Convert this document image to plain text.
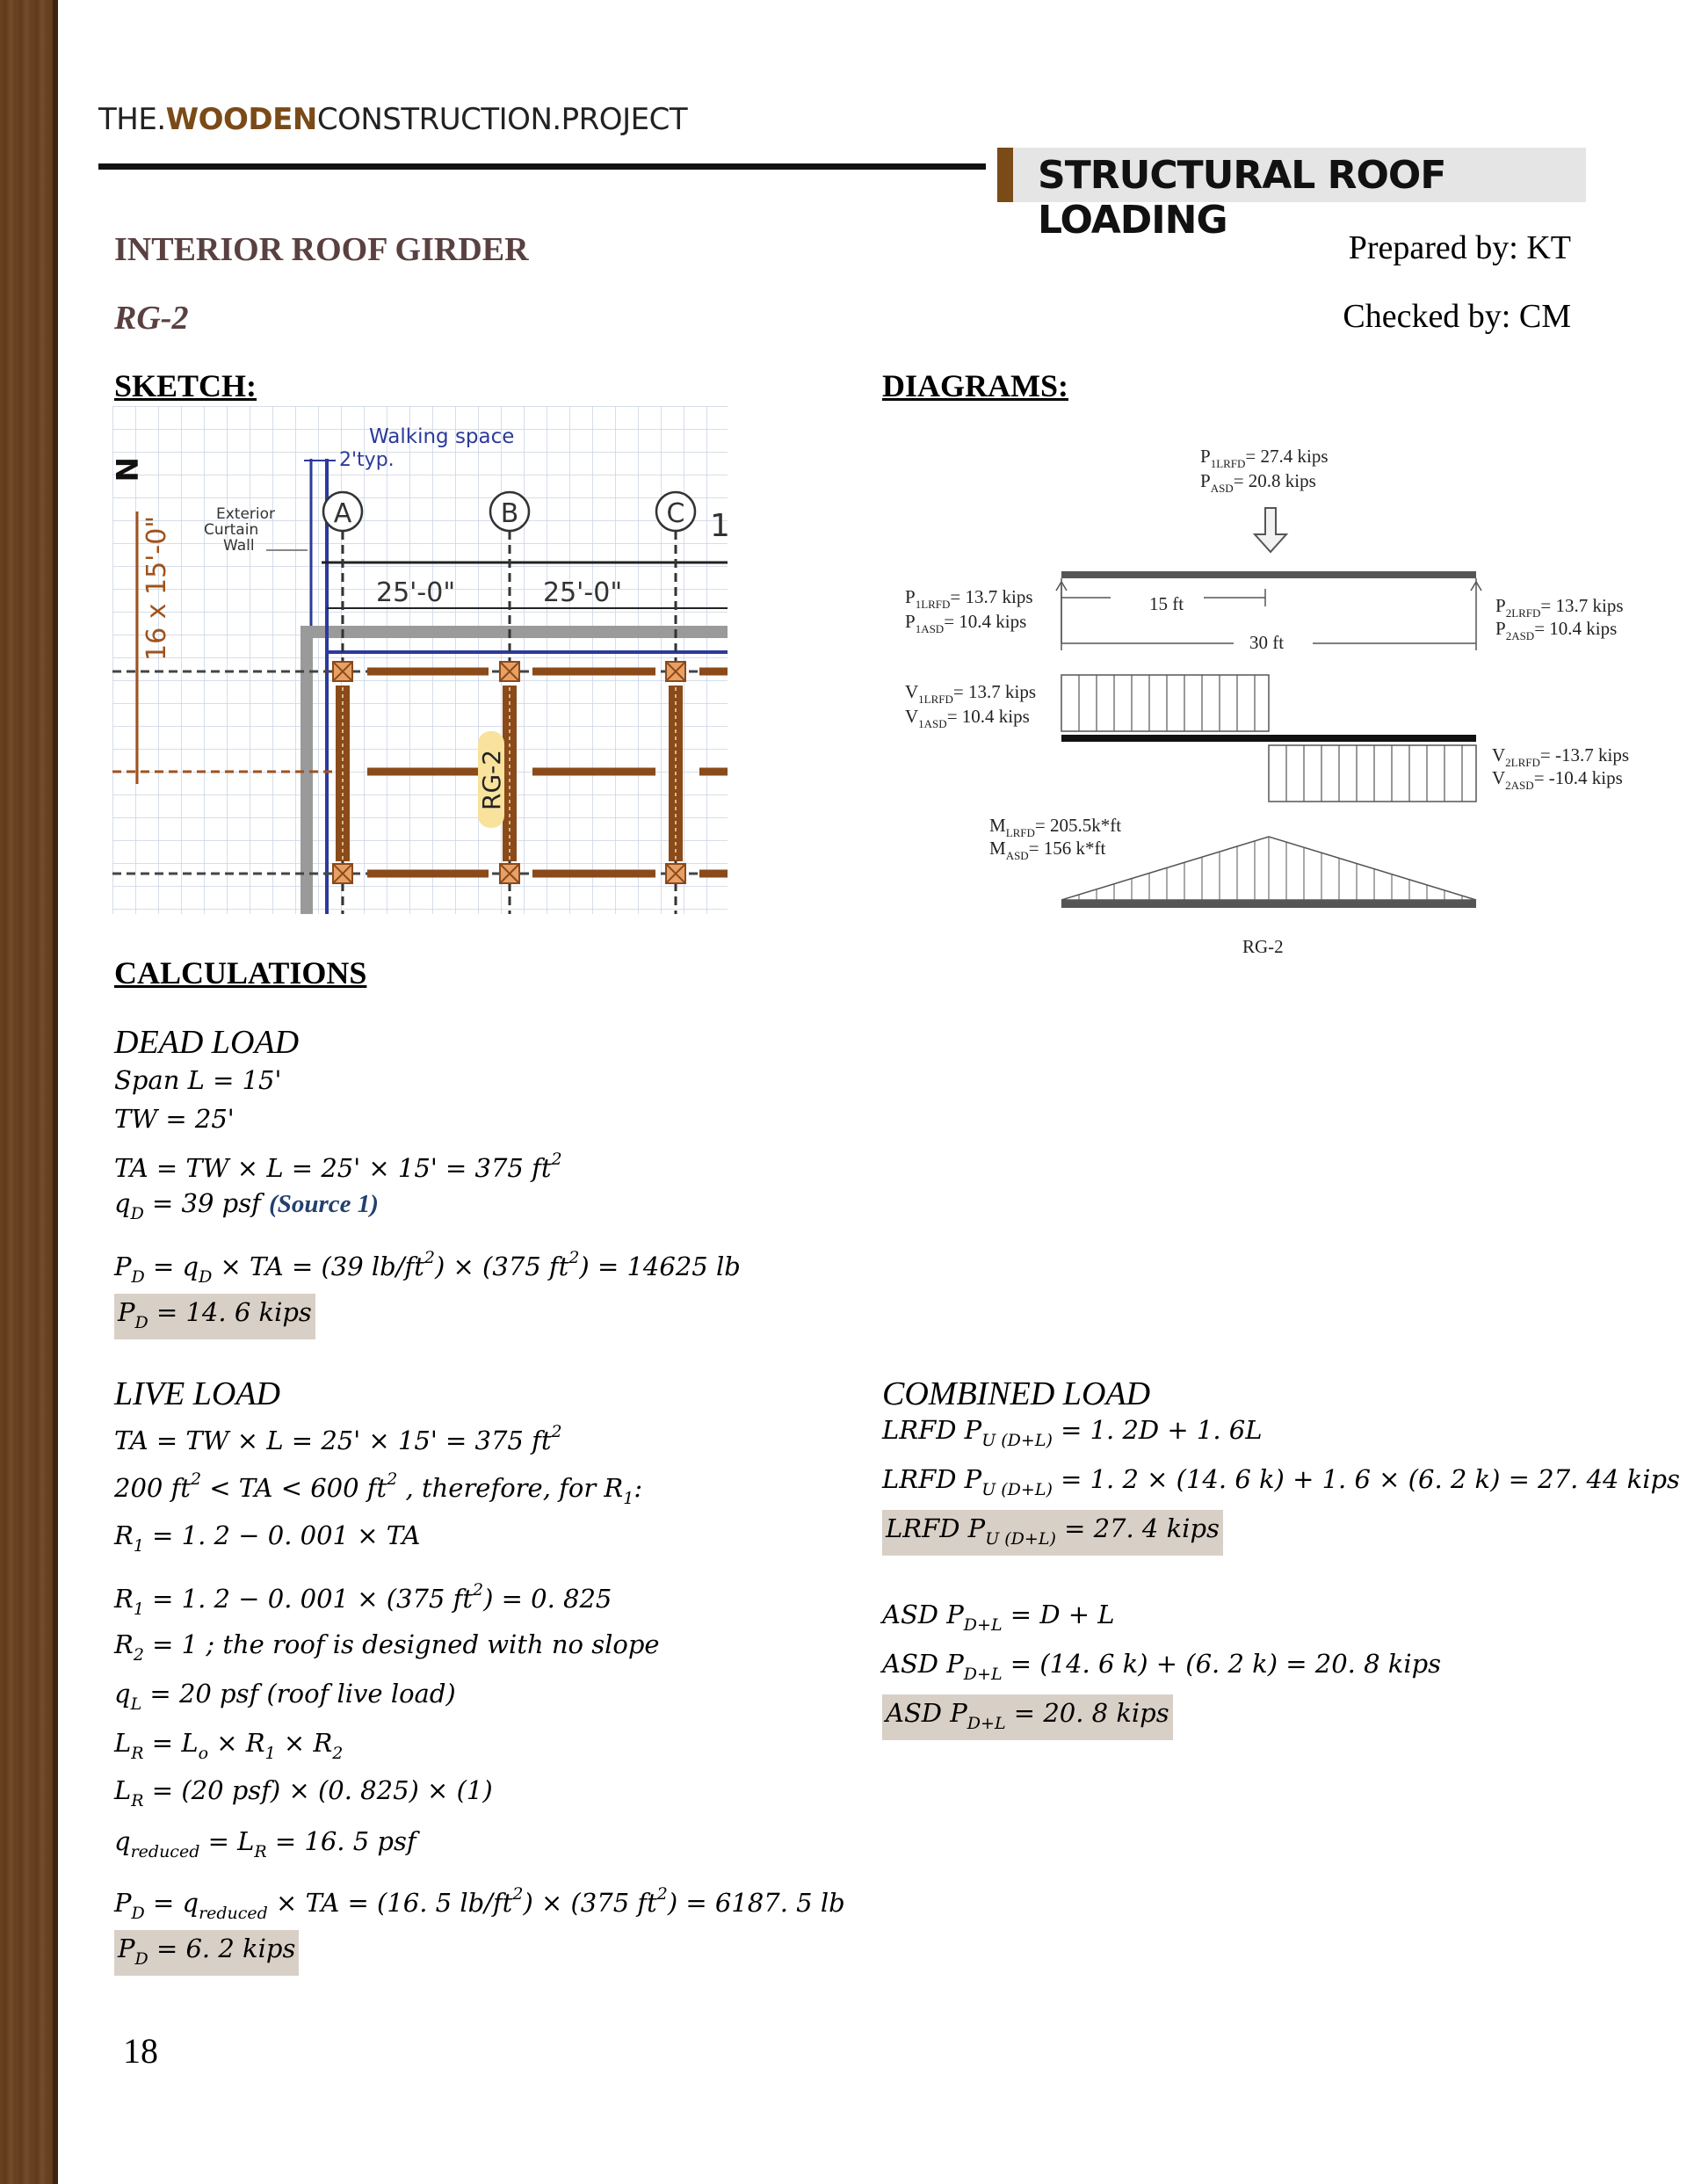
THE.WOODENCONSTRUCTION.PROJECT
STRUCTURAL ROOF LOADING
INTERIOR ROOF GIRDER
RG-2
Prepared by: KT
Checked by: CM
SKETCH:	DIAGRAMS:
A	B	C 1
Walking space
2'typ.
Exterior
Curtain
Wall
25'-0"	25'-0"
N
16 x 15'-0"
RG-2
$P_{1LRFD}= 27.4$ kips
$P_{ASD}= 20.8$ kips
15 ft
30 ft
$P_{1LRFD}= 13.7$ kips
$P_{1ASD}= 10.4$ kips
$P_{2LRFD}= 13.7$ kips
$P_{2ASD}= 10.4$ kips
$V_{1LRFD}= 13.7$ kips
$V_{1ASD}= 10.4$ kips
$V_{2LRFD}= -13.7$ kips
$V_{2ASD}= -10.4$ kips
$M_{LRFD}= 205.5k*ft$
$M_{ASD}= 156$ k*ft
RG-2
CALCULATIONS
DEAD LOAD
Span L = 15'
TW = 25'
TA = TW × L = 25' × 15' = 375 $ft^2$
$q_D = 39$ psf (Source 1)
$P_D = q_D$ × TA = (39 $lb/ft^2) \times (375$ $ft^2) = 14625$ lb
$P_D = 14$. 6 kips
LIVE LOAD
TA = TW × L = 25' × 15' = 375 $ft^2$
200 $ft^2$ < TA < 600 $ft^2$ , therefore, for $R_1$:
$R_1 = 1$. 2 − 0. 001 × TA
$R_1 = 1$. 2 − 0. 001 × (375 $ft^2) = 0$. 825
$R_2 = 1$ ; the roof is designed with no slope
$q_L = 20$ psf (roof live load)
$L_R = L_o \times R_1 \times R_2$
$L_R = (20$ psf) × (0. 825) × (1)
$q_{reduced} = L_R = 16$. 5 psf
$P_D = q_{reduced}$ × TA = (16. 5 $lb/ft^2) \times (375$ $ft^2) = 6187$. 5 lb
$P_D = 6$. 2 kips
COMBINED LOAD
LRFD $P_{U (D+L)} = 1$. 2D + 1. 6L
LRFD $P_{U (D+L)} = 1$. 2 × (14. 6 k) + 1. 6 × (6. 2 k) = 27. 44 kips
LRFD $P_{U (D+L)} = 27$. 4 kips
ASD $P_{D+L} = D + L$
ASD $P_{D+L} = (14$. 6 k) + (6. 2 k) = 20. 8 kips
ASD $P_{D+L} = 20$. 8 kips
18
